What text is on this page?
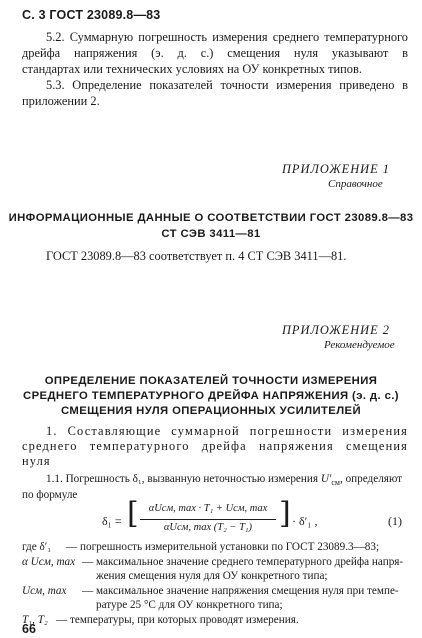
С. 3 ГОСТ 23089.8—83
5.2. Суммарную погрешность измерения среднего температурного
дрейфа напряжения (э. д. с.) смещения нуля указывают в
стандартах или технических условиях на ОУ конкретных типов.
5.3. Определение показателей точности измерения приведено в
приложении 2.
ПРИЛОЖЕНИЕ 1
Справочное
ИНФОРМАЦИОННЫЕ ДАННЫЕ О СООТВЕТСТВИИ ГОСТ 23089.8—83
СТ СЭВ 3411—81
ГОСТ 23089.8—83 соответствует п. 4 СТ СЭВ 3411—81.
ПРИЛОЖЕНИЕ 2
Рекомендуемое
ОПРЕДЕЛЕНИЕ ПОКАЗАТЕЛЕЙ ТОЧНОСТИ ИЗМЕРЕНИЯ
СРЕДНЕГО ТЕМПЕРАТУРНОГО ДРЕЙФА НАПРЯЖЕНИЯ (э. д. с.)
СМЕЩЕНИЯ НУЛЯ ОПЕРАЦИОННЫХ УСИЛИТЕЛЕЙ
1. Составляющие суммарной погрешности измерения
среднего температурного дрейфа напряжения смещения
нуля
1.1. Погрешность δ₁, вызванную неточностью измерения $U'_{см}$, определяют
по формуле
δ₁ = [ αUсм, max · T₁ + Uсм, max
αUсм, max (T₂ − T₁) ] · δ′₁ ,	(1)
где δ′₁ — погрешность измерительной установки по ГОСТ 23089.3—83;
α Uсм, max — максимальное значение среднего температурного дрейфа напря-
жения смещения нуля для ОУ конкретного типа;
Uсм, max — максимальное значение напряжения смещения нуля при темпе-
ратуре 25 °С для ОУ конкретного типа;
T₁, T₂ — температуры, при которых проводят измерения.
66
